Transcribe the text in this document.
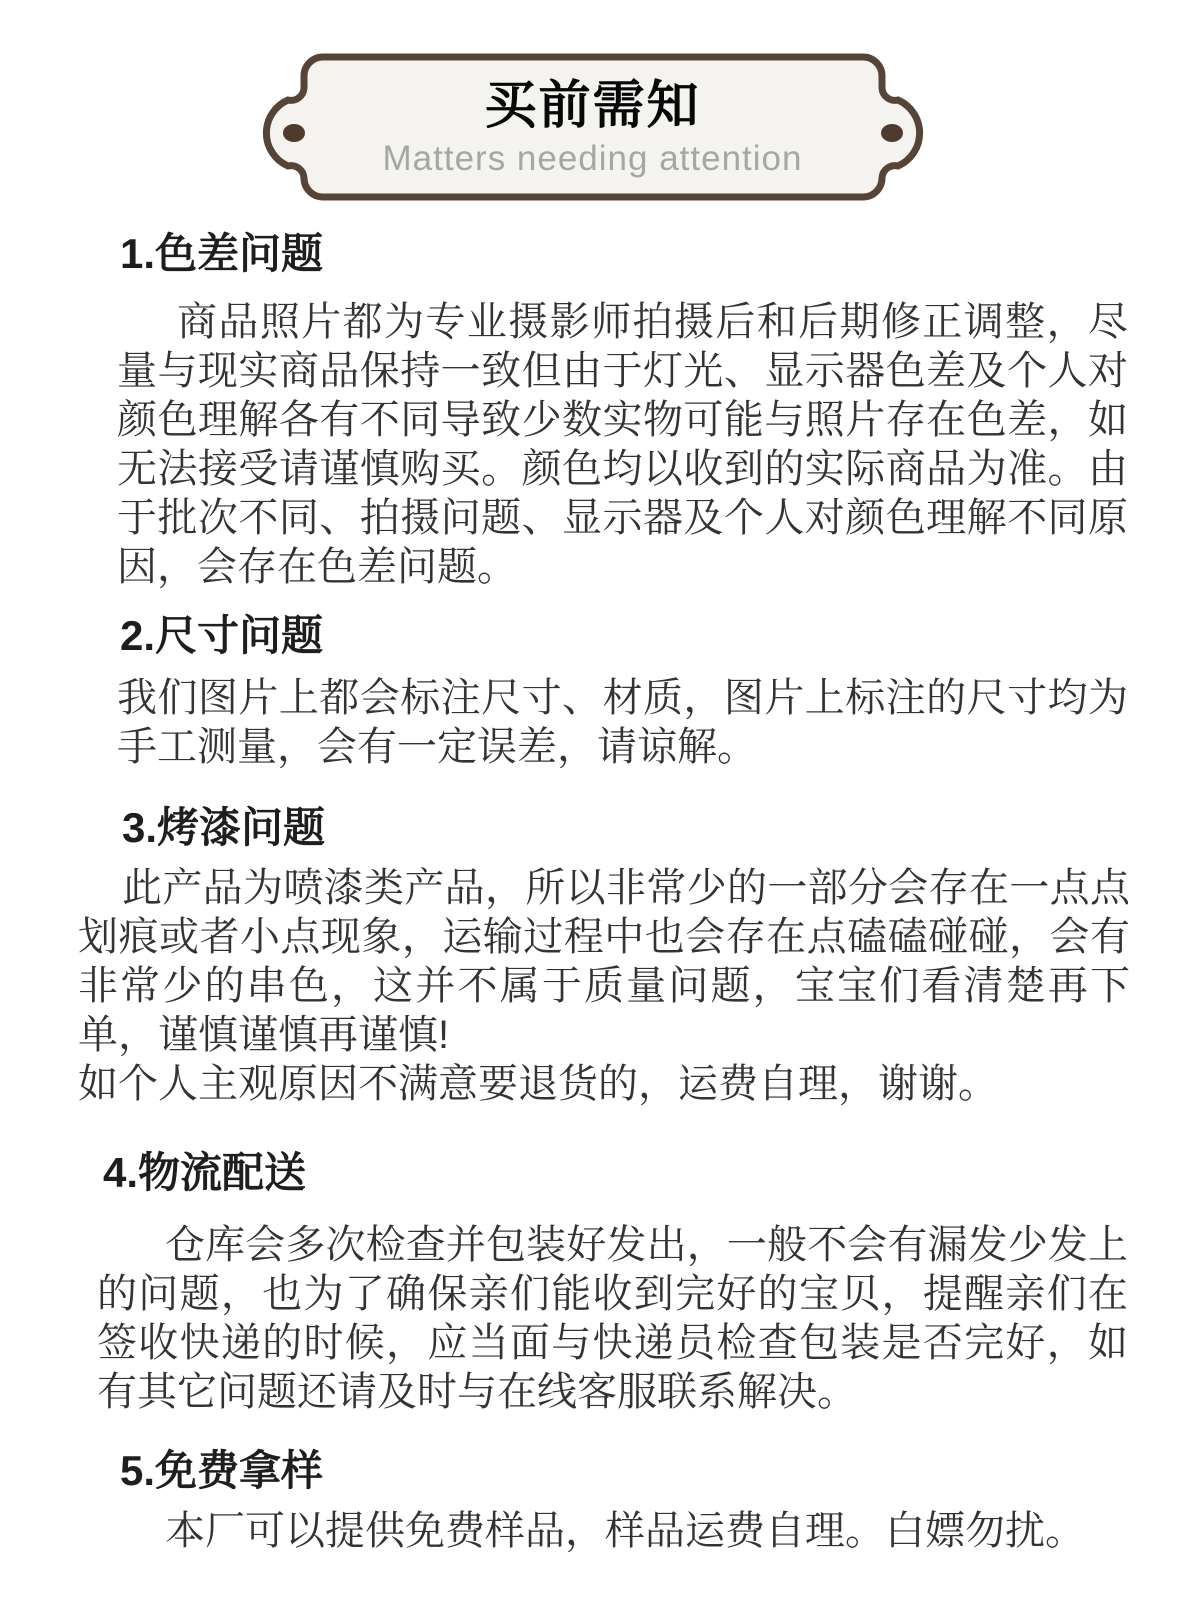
买前需知
Matters needing attention
1.色差问题

商品照片都为专业摄影师拍摄后和后期修正调整，尽量与现实商品保持一致但由于灯光、显示器色差及个人对颜色理解各有不同导致少数实物可能与照片存在色差，如无法接受请谨慎购买。颜色均以收到的实际商品为准。由于批次不同、拍摄问题、显示器及个人对颜色理解不同原因，会存在色差问题。

2.尺寸问题

我们图片上都会标注尺寸、材质，图片上标注的尺寸均为手工测量，会有一定误差，请谅解。

3.烤漆问题

此产品为喷漆类产品，所以非常少的一部分会存在一点点划痕或者小点现象，运输过程中也会存在点磕磕碰碰，会有非常少的串色，这并不属于质量问题，宝宝们看清楚再下单，谨慎谨慎再谨慎!

如个人主观原因不满意要退货的，运费自理，谢谢。

4.物流配送

仓库会多次检查并包装好发出，一般不会有漏发少发上的问题，也为了确保亲们能收到完好的宝贝，提醒亲们在签收快递的时候，应当面与快递员检查包装是否完好，如有其它问题还请及时与在线客服联系解决。

5.免费拿样

本厂可以提供免费样品，样品运费自理。白嫖勿扰。
